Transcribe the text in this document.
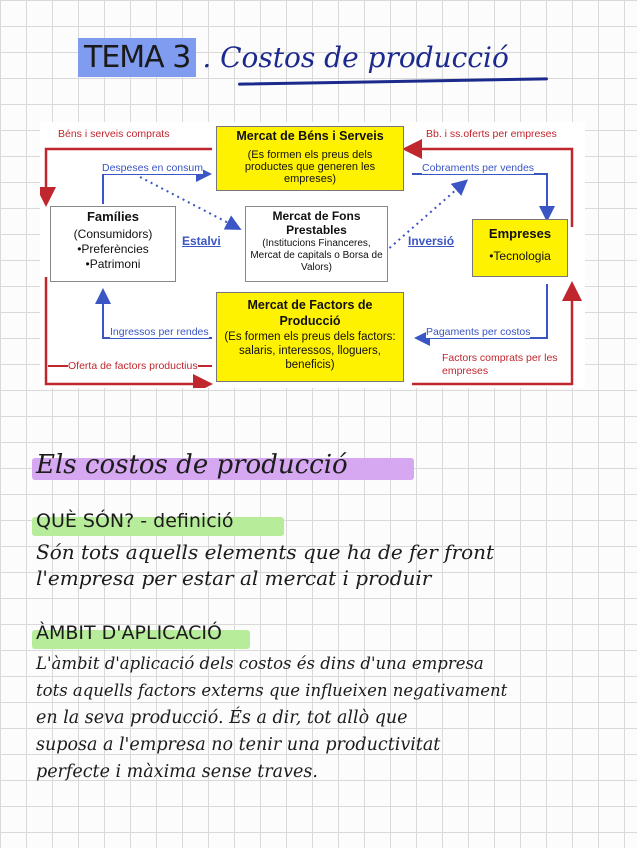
TEMA 3 . Costos de producció
Mercat de Béns i Serveis
(Es formen els preus dels productes que generen les empreses)
Mercat de Factors de Producció
(Es formen els preus dels factors: salaris, interessos, lloguers, beneficis)
Famílies
(Consumidors)
•Preferències
•Patrimoni
Empreses
•Tecnologia
Mercat de Fons Prestables
(Institucions Financeres, Mercat de capitals o Borsa de Valors)
Béns i serveis comprats
Despeses en consum
Bb. i ss.oferts per empreses
Cobraments per vendes
Estalvi	Inversió
Ingressos per rendes
Oferta de factors productius
Pagaments per costos
Factors comprats per les
empreses
Els costos de producció
QUÈ SÓN? - definició
Són tots aquells elements que ha de fer front
l'empresa per estar al mercat i produir
ÀMBIT D'APLICACIÓ
L'àmbit d'aplicació dels costos és dins d'una empresa
tots aquells factors externs que influeixen negativament
en la seva producció. És a dir, tot allò que
suposa a l'empresa no tenir una productivitat
perfecte i màxima sense traves.
